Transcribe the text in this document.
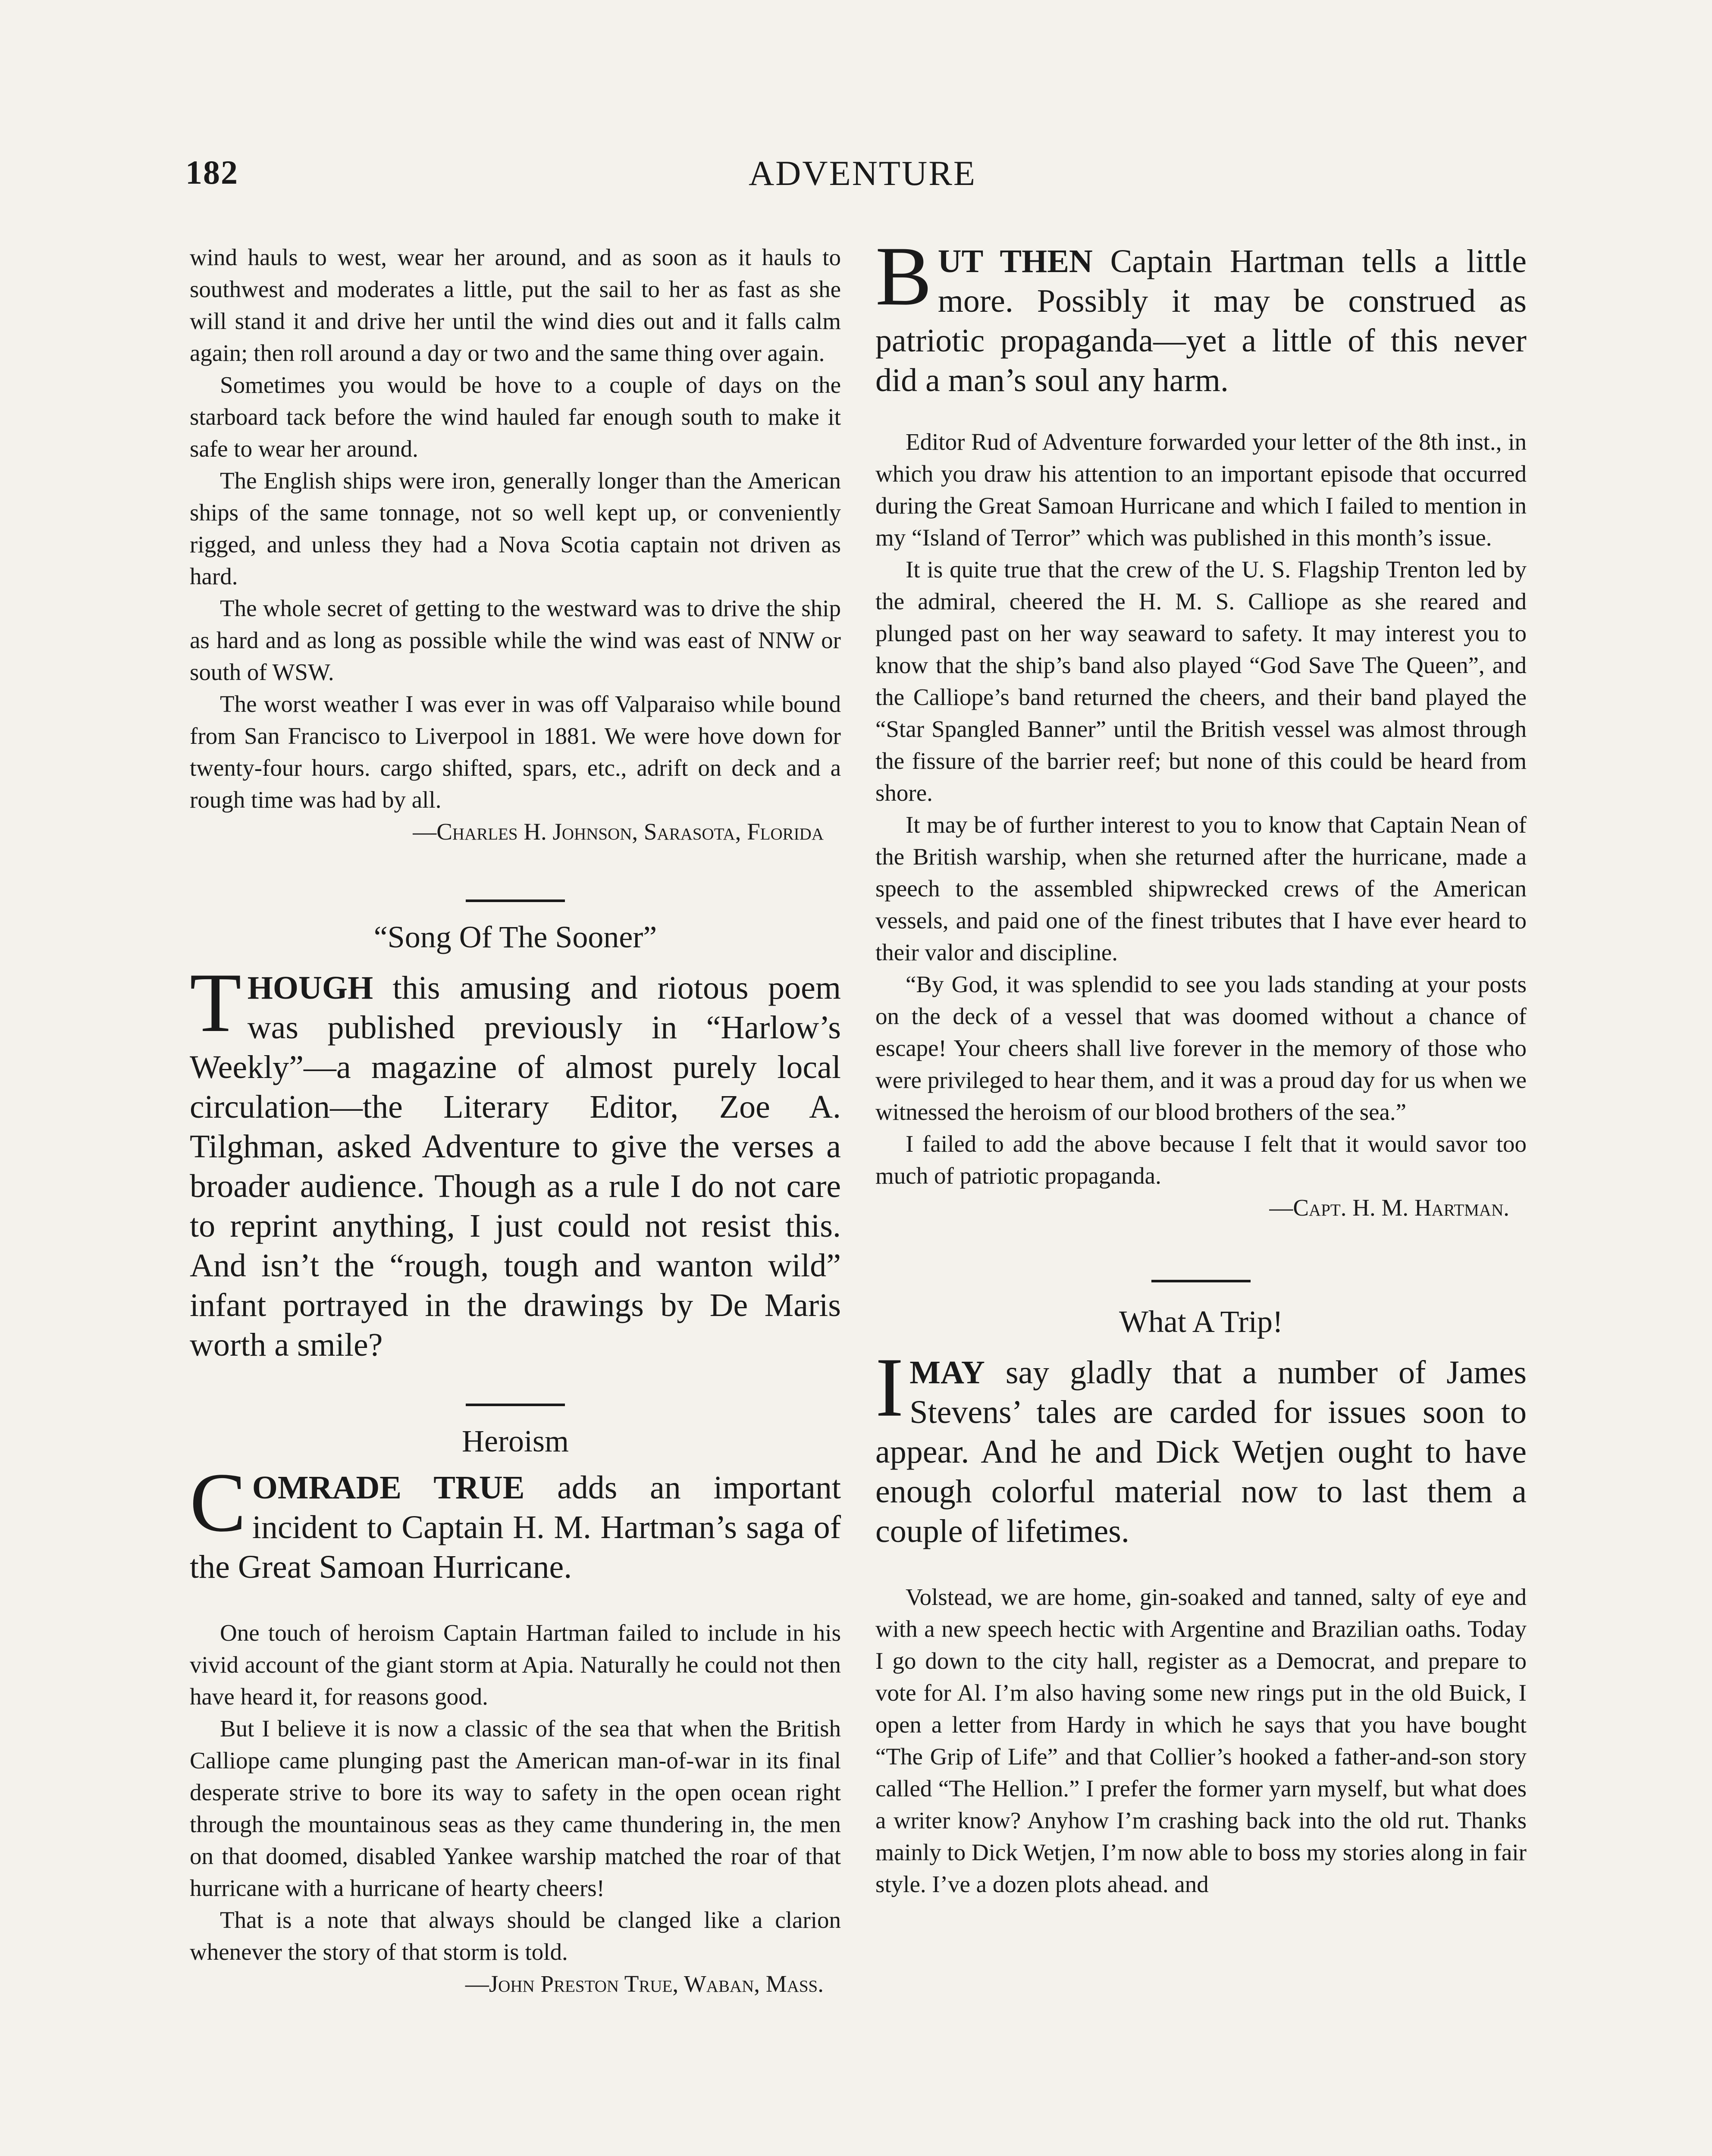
182	ADVENTURE

wind hauls to west, wear her around, and as soon as it hauls to southwest and moderates a little, put the sail to her as fast as she will stand it and drive her until the wind dies out and it falls calm again; then roll around a day or two and the same thing over again.

Sometimes you would be hove to a couple of days on the starboard tack before the wind hauled far enough south to make it safe to wear her around.

The English ships were iron, generally longer than the American ships of the same tonnage, not so well kept up, or conveniently rigged, and unless they had a Nova Scotia captain not driven as hard.

The whole secret of getting to the westward was to drive the ship as hard and as long as possible while the wind was east of NNW or south of WSW.

The worst weather I was ever in was off Valparaiso while bound from San Francisco to Liverpool in 1881. We were hove down for twenty-four hours. cargo shifted, spars, etc., adrift on deck and a rough time was had by all.

—Charles H. Johnson, Sarasota, Florida

“Song Of The Sooner”

THOUGH this amusing and riotous poem was published previously in “Harlow’s Weekly”—a magazine of almost purely local circulation—the Literary Editor, Zoe A. Tilghman, asked Adventure to give the verses a broader audience. Though as a rule I do not care to reprint anything, I just could not resist this. And isn’t the “rough, tough and wanton wild” infant portrayed in the drawings by De Maris worth a smile?

Heroism

COMRADE TRUE adds an important incident to Captain H. M. Hartman’s saga of the Great Samoan Hurricane.

One touch of heroism Captain Hartman failed to include in his vivid account of the giant storm at Apia. Naturally he could not then have heard it, for reasons good.

But I believe it is now a classic of the sea that when the British Calliope came plunging past the American man-of-war in its final desperate strive to bore its way to safety in the open ocean right through the mountainous seas as they came thundering in, the men on that doomed, disabled Yankee warship matched the roar of that hurricane with a hurricane of hearty cheers!

That is a note that always should be clanged like a clarion whenever the story of that storm is told.

—John Preston True, Waban, Mass.

BUT THEN Captain Hartman tells a little more. Possibly it may be construed as patriotic propaganda—yet a little of this never did a man’s soul any harm.

Editor Rud of Adventure forwarded your letter of the 8th inst., in which you draw his attention to an important episode that occurred during the Great Samoan Hurricane and which I failed to mention in my “Island of Terror” which was published in this month’s issue.

It is quite true that the crew of the U. S. Flagship Trenton led by the admiral, cheered the H. M. S. Calliope as she reared and plunged past on her way seaward to safety. It may interest you to know that the ship’s band also played “God Save The Queen”, and the Calliope’s band returned the cheers, and their band played the “Star Spangled Banner” until the British vessel was almost through the fissure of the barrier reef; but none of this could be heard from shore.

It may be of further interest to you to know that Captain Nean of the British warship, when she returned after the hurricane, made a speech to the assembled shipwrecked crews of the American vessels, and paid one of the finest tributes that I have ever heard to their valor and discipline.

“By God, it was splendid to see you lads standing at your posts on the deck of a vessel that was doomed without a chance of escape! Your cheers shall live forever in the memory of those who were privileged to hear them, and it was a proud day for us when we witnessed the heroism of our blood brothers of the sea.”

I failed to add the above because I felt that it would savor too much of patriotic propaganda.

—Capt. H. M. Hartman.

What A Trip!

IMAY say gladly that a number of James Stevens’ tales are carded for issues soon to appear. And he and Dick Wetjen ought to have enough colorful material now to last them a couple of lifetimes.

Volstead, we are home, gin-soaked and tanned, salty of eye and with a new speech hectic with Argentine and Brazilian oaths. Today I go down to the city hall, register as a Democrat, and prepare to vote for Al. I’m also having some new rings put in the old Buick, I open a letter from Hardy in which he says that you have bought “The Grip of Life” and that Collier’s hooked a father-and-son story called “The Hellion.” I prefer the former yarn myself, but what does a writer know? Anyhow I’m crashing back into the old rut. Thanks mainly to Dick Wetjen, I’m now able to boss my stories along in fair style. I’ve a dozen plots ahead. and
